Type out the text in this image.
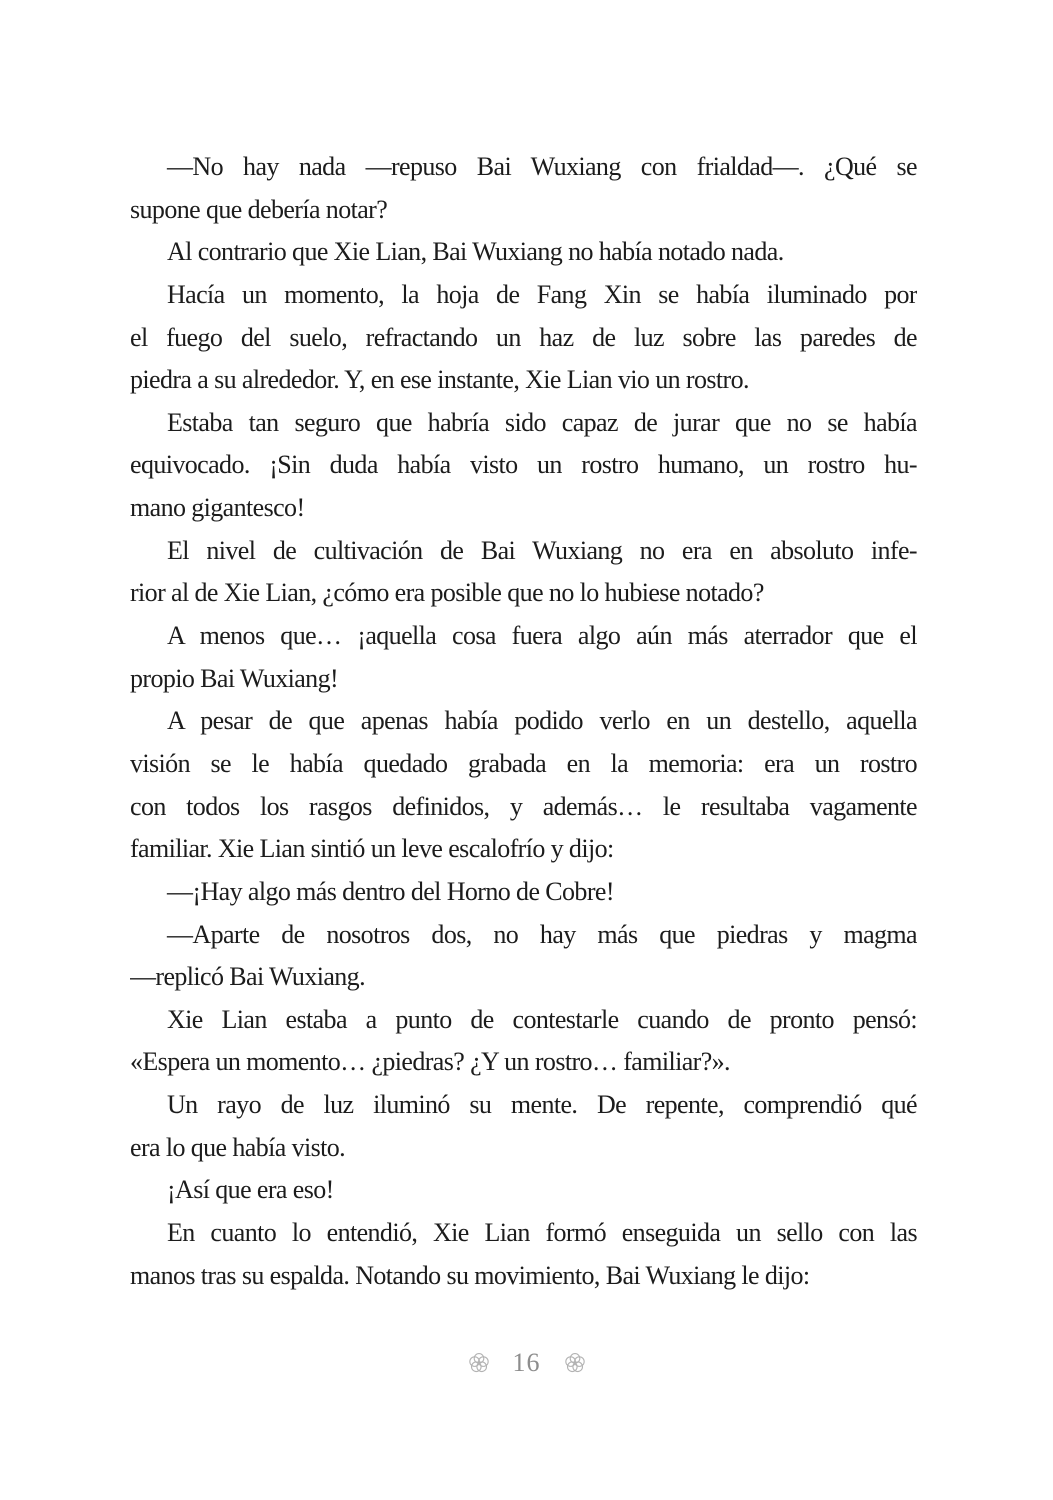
—No hay nada —repuso Bai Wuxiang con frialdad—. ¿Qué se
supone que debería notar?
Al contrario que Xie Lian, Bai Wuxiang no había notado nada.
Hacía un momento, la hoja de Fang Xin se había iluminado por
el fuego del suelo, refractando un haz de luz sobre las paredes de
piedra a su alrededor. Y, en ese instante, Xie Lian vio un rostro.
Estaba tan seguro que habría sido capaz de jurar que no se había
equivocado. ¡Sin duda había visto un rostro humano, un rostro hu-
mano gigantesco!
El nivel de cultivación de Bai Wuxiang no era en absoluto infe-
rior al de Xie Lian, ¿cómo era posible que no lo hubiese notado?
A menos que… ¡aquella cosa fuera algo aún más aterrador que el
propio Bai Wuxiang!
A pesar de que apenas había podido verlo en un destello, aquella
visión se le había quedado grabada en la memoria: era un rostro
con todos los rasgos definidos, y además… le resultaba vagamente
familiar. Xie Lian sintió un leve escalofrío y dijo:
—¡Hay algo más dentro del Horno de Cobre!
—Aparte de nosotros dos, no hay más que piedras y magma
—replicó Bai Wuxiang.
Xie Lian estaba a punto de contestarle cuando de pronto pensó:
«Espera un momento… ¿piedras? ¿Y un rostro… familiar?».
Un rayo de luz iluminó su mente. De repente, comprendió qué
era lo que había visto.
¡Así que era eso!
En cuanto lo entendió, Xie Lian formó enseguida un sello con las
manos tras su espalda. Notando su movimiento, Bai Wuxiang le dijo:
16
